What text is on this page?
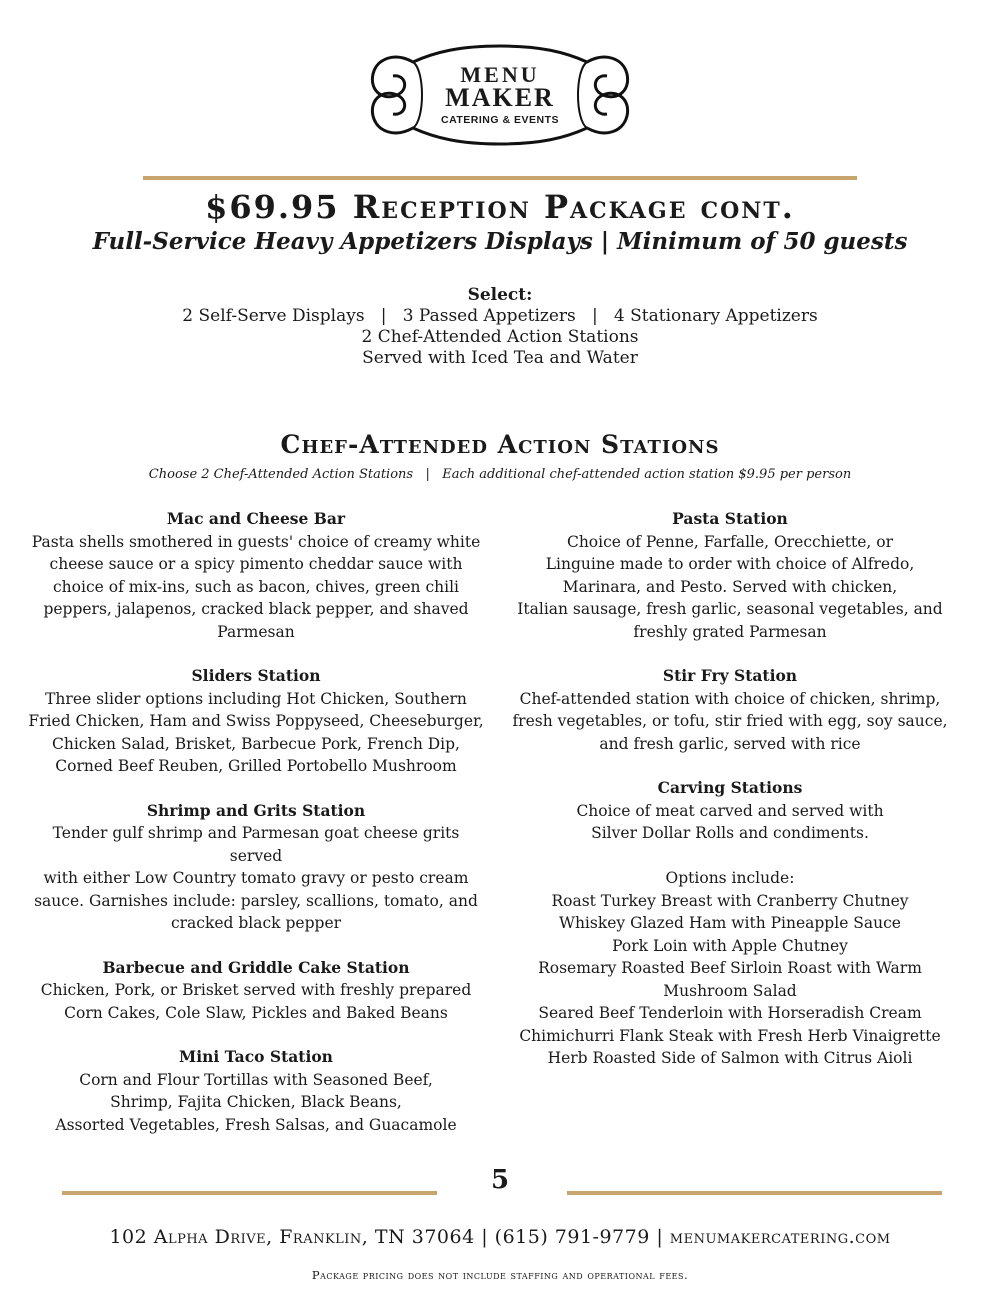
MENU
MAKER
CATERING & EVENTS
$69.95 Reception Package cont.
Full-Service Heavy Appetizers Displays | Minimum of 50 guests
Select:
2 Self-Serve Displays   |   3 Passed Appetizers   |   4 Stationary Appetizers
2 Chef-Attended Action Stations
Served with Iced Tea and Water
Chef-Attended Action Stations
Choose 2 Chef-Attended Action Stations   |   Each additional chef-attended action station $9.95 per person
Mac and Cheese Bar
Pasta shells smothered in guests' choice of creamy white
cheese sauce or a spicy pimento cheddar sauce with
choice of mix-ins, such as bacon, chives, green chili
peppers, jalapenos, cracked black pepper, and shaved
Parmesan
Sliders Station
Three slider options including Hot Chicken, Southern
Fried Chicken, Ham and Swiss Poppyseed, Cheeseburger,
Chicken Salad, Brisket, Barbecue Pork, French Dip,
Corned Beef Reuben, Grilled Portobello Mushroom
Shrimp and Grits Station
Tender gulf shrimp and Parmesan goat cheese grits served
with either Low Country tomato gravy or pesto cream
sauce. Garnishes include: parsley, scallions, tomato, and
cracked black pepper
Barbecue and Griddle Cake Station
Chicken, Pork, or Brisket served with freshly prepared
Corn Cakes, Cole Slaw, Pickles and Baked Beans
Mini Taco Station
Corn and Flour Tortillas with Seasoned Beef,
Shrimp, Fajita Chicken, Black Beans,
Assorted Vegetables, Fresh Salsas, and Guacamole
Pasta Station
Choice of Penne, Farfalle, Orecchiette, or
Linguine made to order with choice of Alfredo,
Marinara, and Pesto. Served with chicken,
Italian sausage, fresh garlic, seasonal vegetables, and
freshly grated Parmesan
Stir Fry Station
Chef-attended station with choice of chicken, shrimp,
fresh vegetables, or tofu, stir fried with egg, soy sauce,
and fresh garlic, served with rice
Carving Stations
Choice of meat carved and served with
Silver Dollar Rolls and condiments.

Options include:
Roast Turkey Breast with Cranberry Chutney
Whiskey Glazed Ham with Pineapple Sauce
Pork Loin with Apple Chutney
Rosemary Roasted Beef Sirloin Roast with Warm
Mushroom Salad
Seared Beef Tenderloin with Horseradish Cream
Chimichurri Flank Steak with Fresh Herb Vinaigrette
Herb Roasted Side of Salmon with Citrus Aioli
5
102 Alpha Drive, Franklin, TN 37064 | (615) 791-9779 | menumakercatering.com
Package pricing does not include staffing and operational fees.
